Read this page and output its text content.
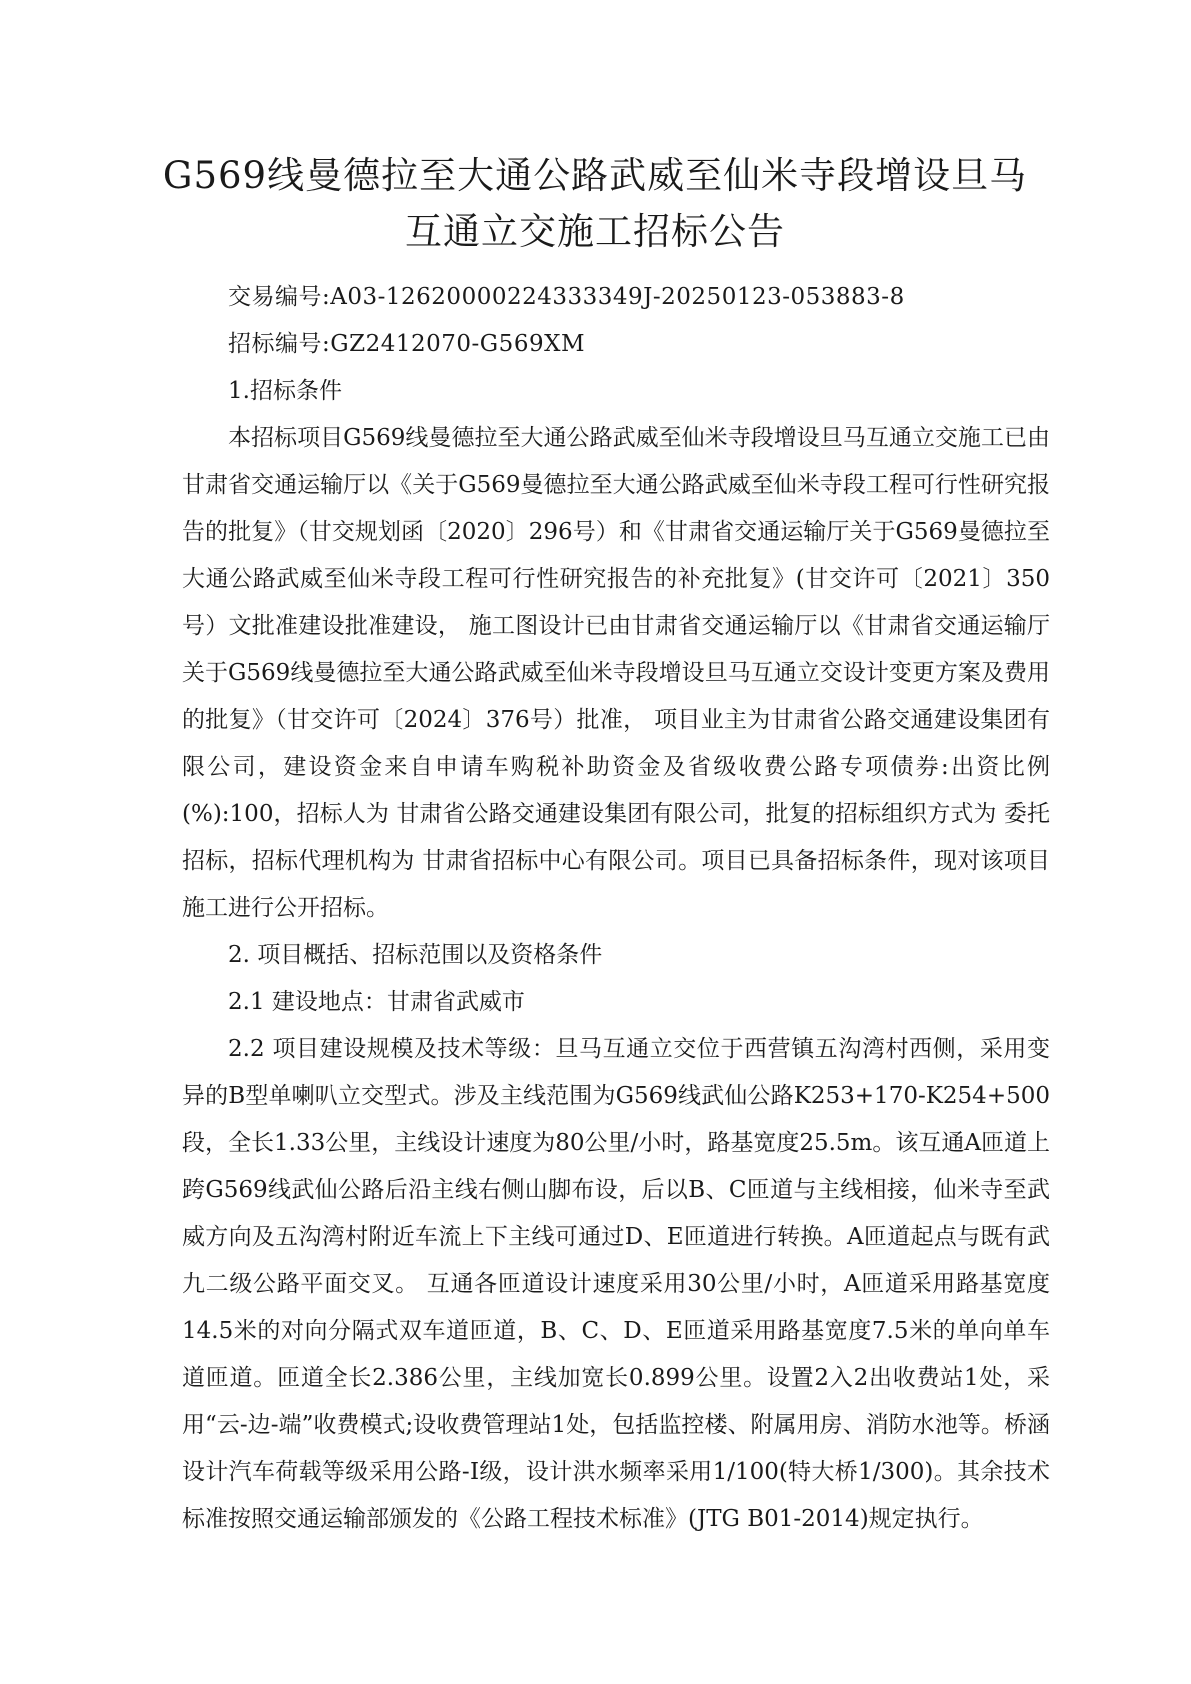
G569线曼德拉至大通公路武威至仙米寺段增设旦马互通立交施工招标公告

交易编号:A03-12620000224333349J-20250123-053883-8

招标编号:GZ2412070-G569XM

1.招标条件

本招标项目G569线曼德拉至大通公路武威至仙米寺段增设旦马互通立交施工已由甘肃省交通运输厅以《关于G569曼德拉至大通公路武威至仙米寺段工程可行性研究报告的批复》（甘交规划函〔2020〕296号）和《甘肃省交通运输厅关于G569曼德拉至大通公路武威至仙米寺段工程可行性研究报告的补充批复》(甘交许可〔2021〕350号）文批准建设批准建设， 施工图设计已由甘肃省交通运输厅以《甘肃省交通运输厅关于G569线曼德拉至大通公路武威至仙米寺段增设旦马互通立交设计变更方案及费用的批复》（甘交许可〔2024〕376号）批准， 项目业主为甘肃省公路交通建设集团有限公司，建设资金来自申请车购税补助资金及省级收费公路专项债券:出资比例(%):100，招标人为 甘肃省公路交通建设集团有限公司，批复的招标组织方式为 委托招标，招标代理机构为 甘肃省招标中心有限公司。项目已具备招标条件，现对该项目施工进行公开招标。

2. 项目概括、招标范围以及资格条件

2.1 建设地点：甘肃省武威市

2.2 项目建设规模及技术等级：旦马互通立交位于西营镇五沟湾村西侧，采用变异的B型单喇叭立交型式。涉及主线范围为G569线武仙公路K253+170-K254+500段，全长1.33公里，主线设计速度为80公里/小时，路基宽度25.5m。该互通A匝道上跨G569线武仙公路后沿主线右侧山脚布设，后以B、C匝道与主线相接，仙米寺至武威方向及五沟湾村附近车流上下主线可通过D、E匝道进行转换。A匝道起点与既有武九二级公路平面交叉。 互通各匝道设计速度采用30公里/小时，A匝道采用路基宽度14.5米的对向分隔式双车道匝道，B、C、D、E匝道采用路基宽度7.5米的单向单车道匝道。匝道全长2.386公里，主线加宽长0.899公里。设置2入2出收费站1处，采用“云-边-端”收费模式;设收费管理站1处，包括监控楼、附属用房、消防水池等。桥涵设计汽车荷载等级采用公路-Ⅰ级，设计洪水频率采用1/100(特大桥1/300)。其余技术标准按照交通运输部颁发的《公路工程技术标准》(JTG B01-2014)规定执行。
